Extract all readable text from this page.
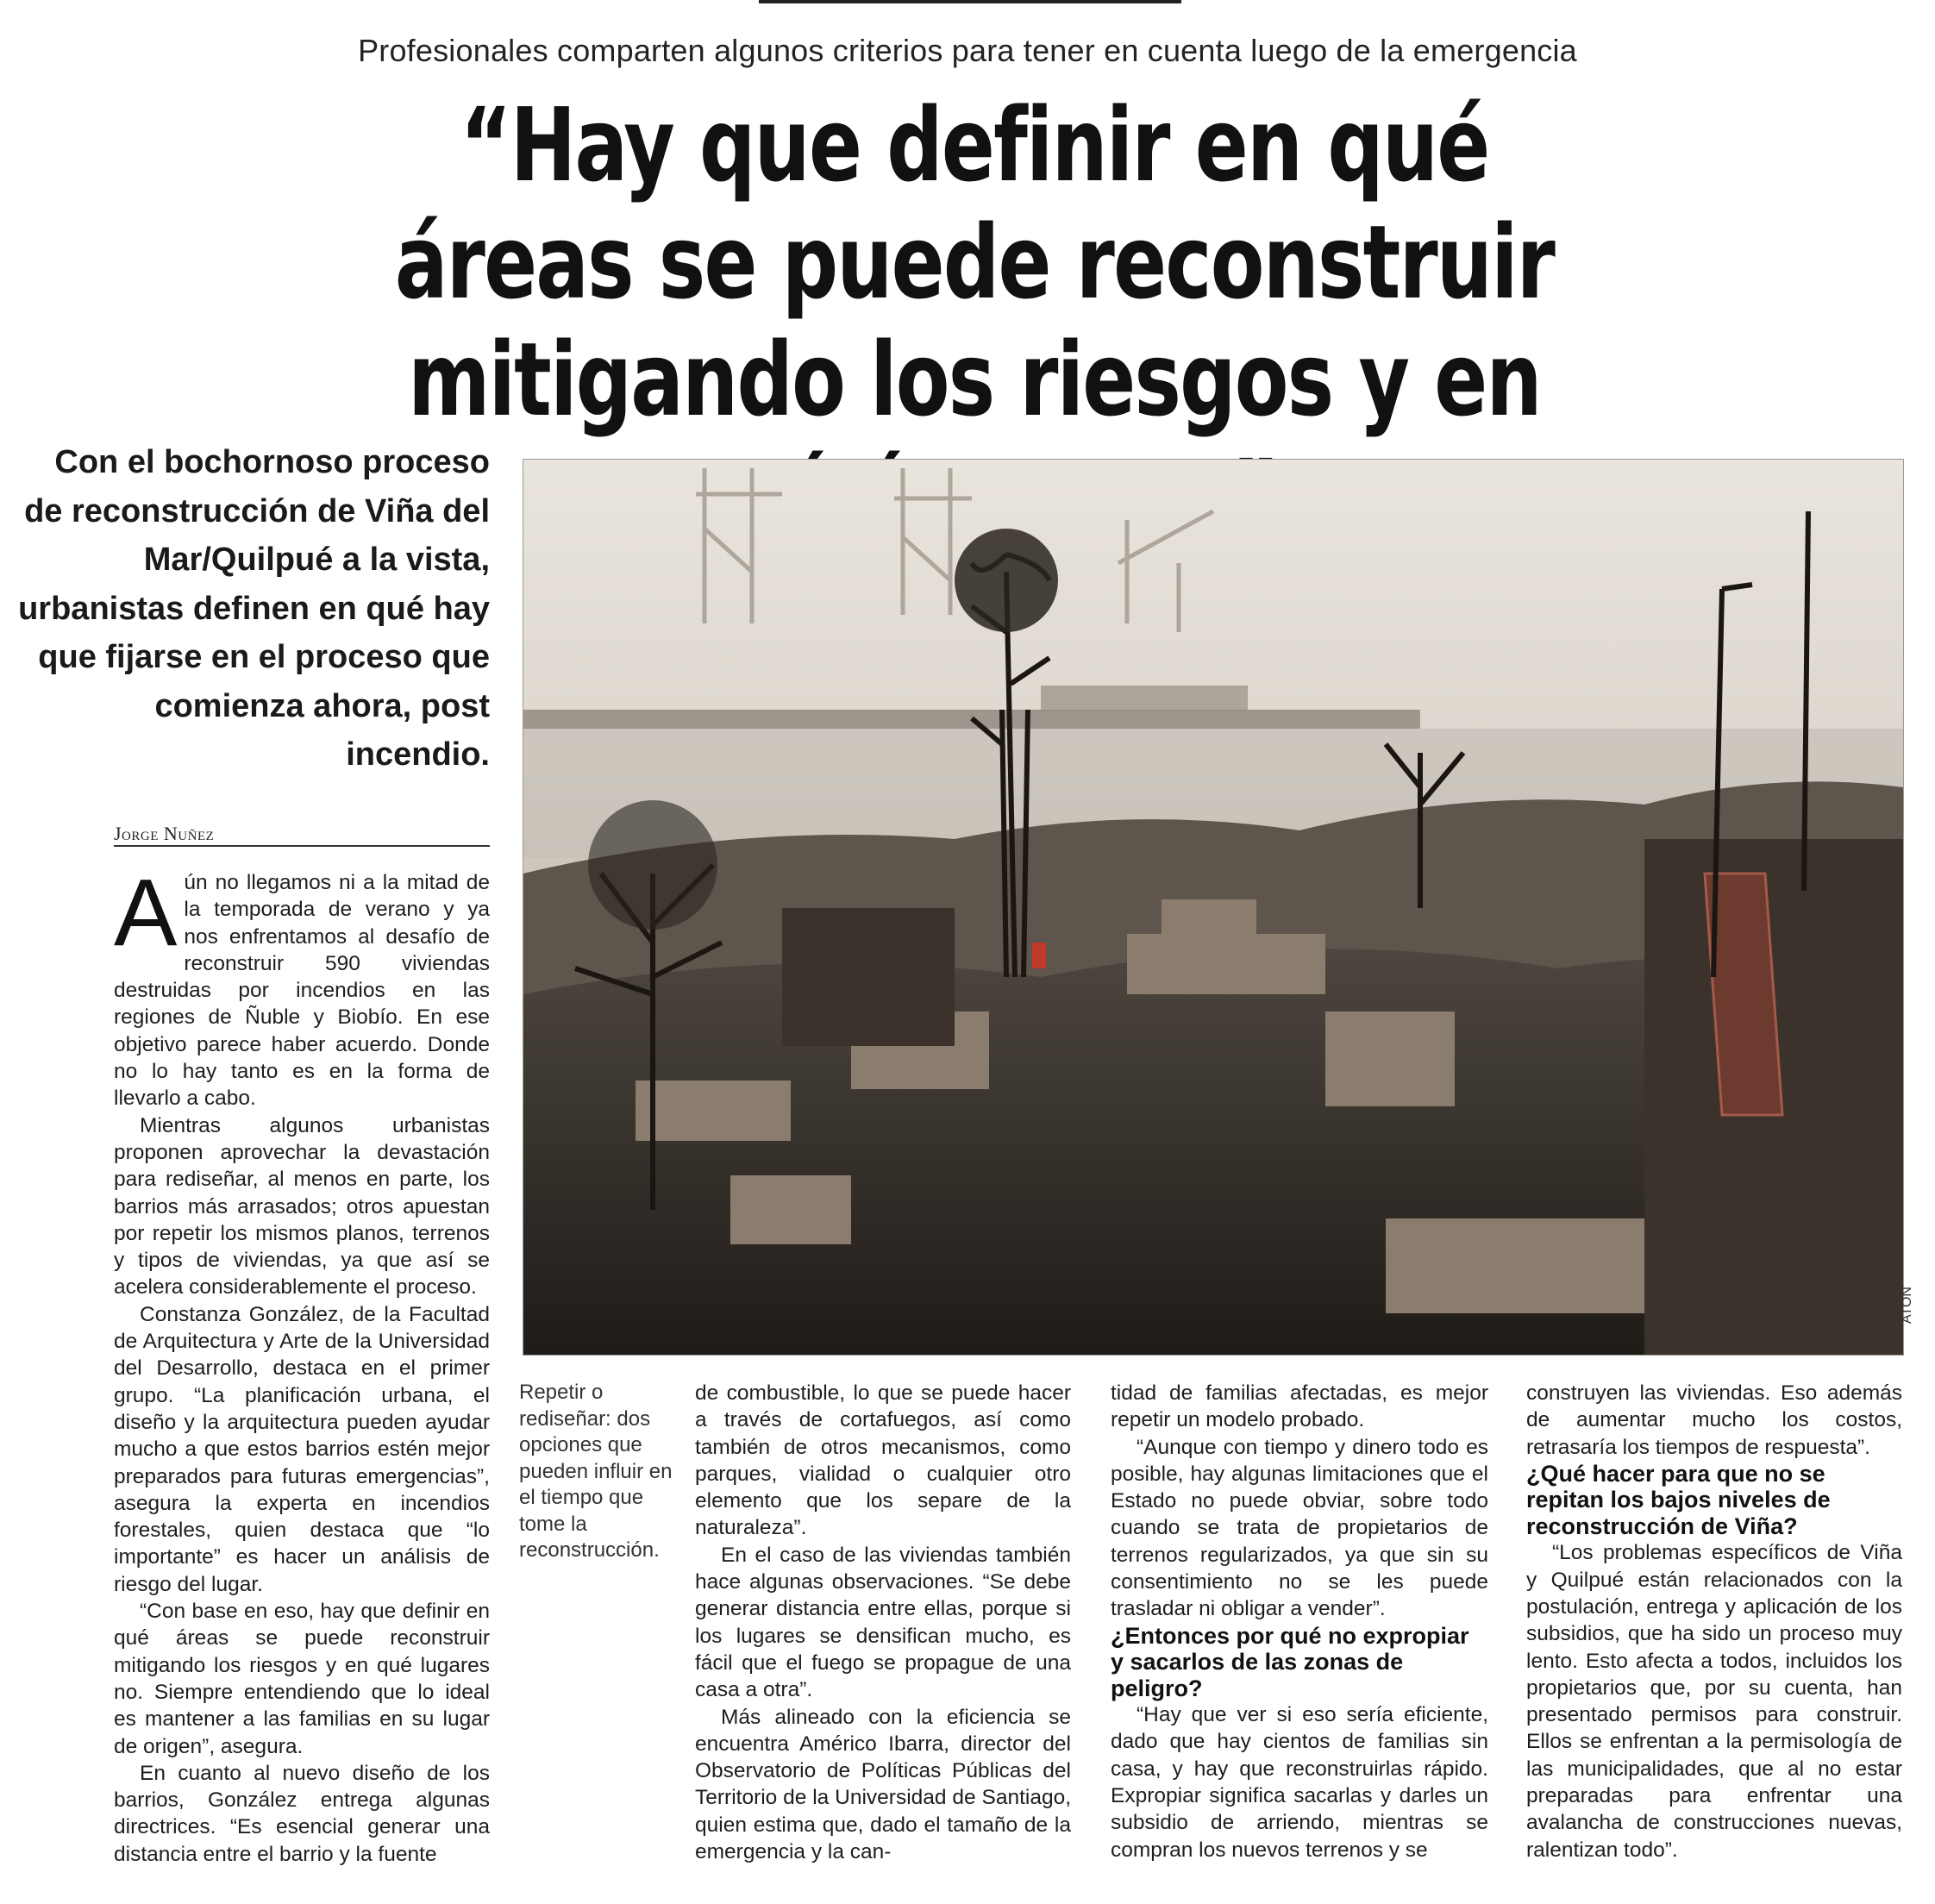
Profesionales comparten algunos criterios para tener en cuenta luego de la emergencia
“Hay que definir en qué áreas se puede reconstruir mitigando los riesgos y en

Con el bochornoso proceso de reconstrucción de Viña del Mar/Quilpué a la vista, urbanistas definen en qué hay que fijarse en el proceso que comienza ahora, post incendio.

Jorge Nuñez
ATON
Repetir o rediseñar: dos opciones que pueden influir en el tiempo que tome la reconstrucción.

Aún no llegamos ni a la mitad de la temporada de verano y ya nos enfrentamos al desafío de reconstruir 590 viviendas destruidas por incendios en las regiones de Ñuble y Biobío. En ese objetivo parece haber acuerdo. Donde no lo hay tanto es en la forma de llevarlo a cabo.

Mientras algunos urbanistas proponen aprovechar la devastación para rediseñar, al menos en parte, los barrios más arrasados; otros apuestan por repetir los mismos planos, terrenos y tipos de viviendas, ya que así se acelera considerablemente el proceso.

Constanza González, de la Facultad de Arquitectura y Arte de la Universidad del Desarrollo, destaca en el primer grupo. “La planificación urbana, el diseño y la arquitectura pueden ayudar mucho a que estos barrios estén mejor preparados para futuras emergencias”, asegura la experta en incendios forestales, quien destaca que “lo importante” es hacer un análisis de riesgo del lugar.

“Con base en eso, hay que definir en qué áreas se puede reconstruir mitigando los riesgos y en qué lugares no. Siempre entendiendo que lo ideal es mantener a las familias en su lugar de origen”, asegura.

En cuanto al nuevo diseño de los barrios, González entrega algunas directrices. “Es esencial generar una distancia entre el barrio y la fuente

de combustible, lo que se puede hacer a través de cortafuegos, así como también de otros mecanismos, como parques, vialidad o cualquier otro elemento que los separe de la naturaleza”.

En el caso de las viviendas también hace algunas observaciones. “Se debe generar distancia entre ellas, porque si los lugares se densifican mucho, es fácil que el fuego se propague de una casa a otra”.

Más alineado con la eficiencia se encuentra Américo Ibarra, director del Observatorio de Políticas Públicas del Territorio de la Universidad de Santiago, quien estima que, dado el tamaño de la emergencia y la can-

tidad de familias afectadas, es mejor repetir un modelo probado.

“Aunque con tiempo y dinero todo es posible, hay algunas limitaciones que el Estado no puede obviar, sobre todo cuando se trata de propietarios de terrenos regularizados, ya que sin su consentimiento no se les puede trasladar ni obligar a vender”.

¿Entonces por qué no expropiar y sacarlos de las zonas de peligro?

“Hay que ver si eso sería eficiente, dado que hay cientos de familias sin casa, y hay que reconstruirlas rápido. Expropiar significa sacarlas y darles un subsidio de arriendo, mientras se compran los nuevos terrenos y se

construyen las viviendas. Eso además de aumentar mucho los costos, retrasaría los tiempos de respuesta”.

¿Qué hacer para que no se repitan los bajos niveles de reconstrucción de Viña?

“Los problemas específicos de Viña y Quilpué están relacionados con la postulación, entrega y aplicación de los subsidios, que ha sido un proceso muy lento. Esto afecta a todos, incluidos los propietarios que, por su cuenta, han presentado permisos para construir. Ellos se enfrentan a la permisología de las municipalidades, que al no estar preparadas para enfrentar una avalancha de construcciones nuevas, ralentizan todo”.
